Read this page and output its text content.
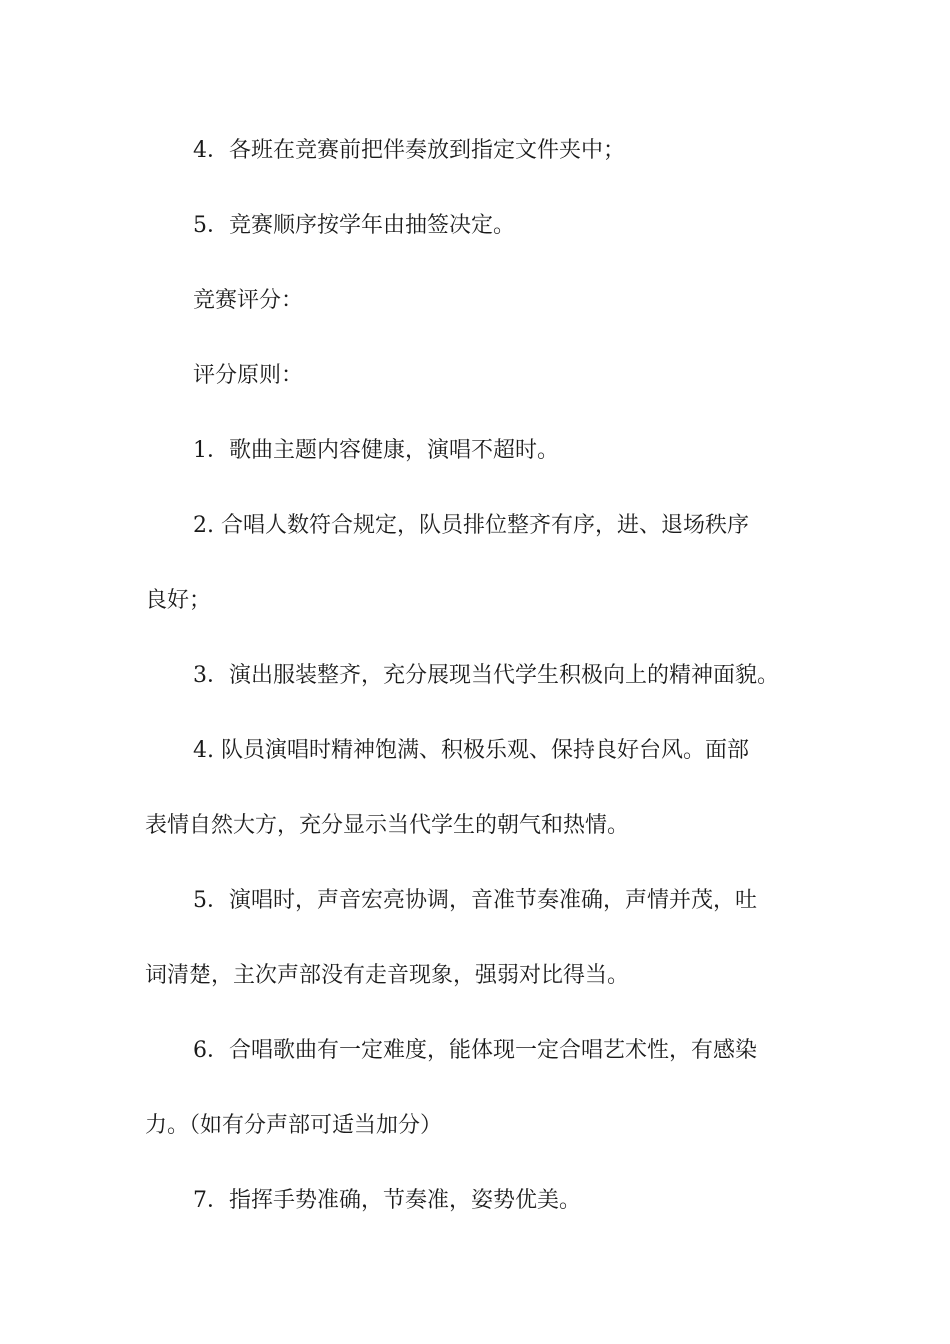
4．各班在竞赛前把伴奏放到指定文件夹中；
5．竞赛顺序按学年由抽签决定。
竞赛评分：
评分原则：
1．歌曲主题内容健康，演唱不超时。
2. 合唱人数符合规定，队员排位整齐有序，进、退场秩序
良好；
3．演出服装整齐，充分展现当代学生积极向上的精神面貌。
4. 队员演唱时精神饱满、积极乐观、保持良好台风。面部
表情自然大方，充分显示当代学生的朝气和热情。
5．演唱时，声音宏亮协调，音准节奏准确，声情并茂，吐
词清楚，主次声部没有走音现象，强弱对比得当。
6．合唱歌曲有一定难度，能体现一定合唱艺术性，有感染
力。（如有分声部可适当加分）
7．指挥手势准确，节奏准，姿势优美。
